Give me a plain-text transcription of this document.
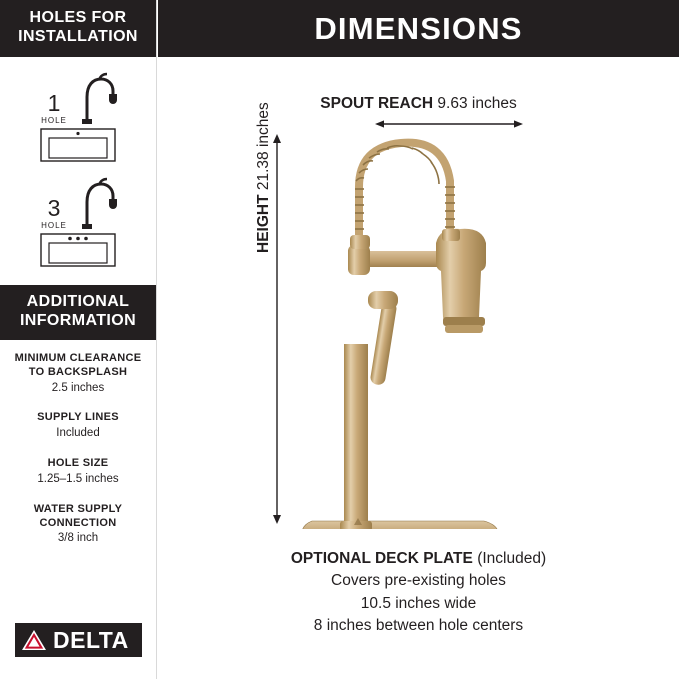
HOLES FOR
INSTALLATION
1
HOLE
3
HOLE
ADDITIONAL
INFORMATION
MINIMUM CLEARANCE
TO BACKSPLASH
2.5 inches
SUPPLY LINES
Included
HOLE SIZE
1.25–1.5 inches
WATER SUPPLY
CONNECTION
3/8 inch
DELTA
DIMENSIONS
SPOUT REACH 9.63 inches
HEIGHT 21.38 inches
OPTIONAL DECK PLATE (Included)
Covers pre-existing holes
10.5 inches wide
8 inches between hole centers
